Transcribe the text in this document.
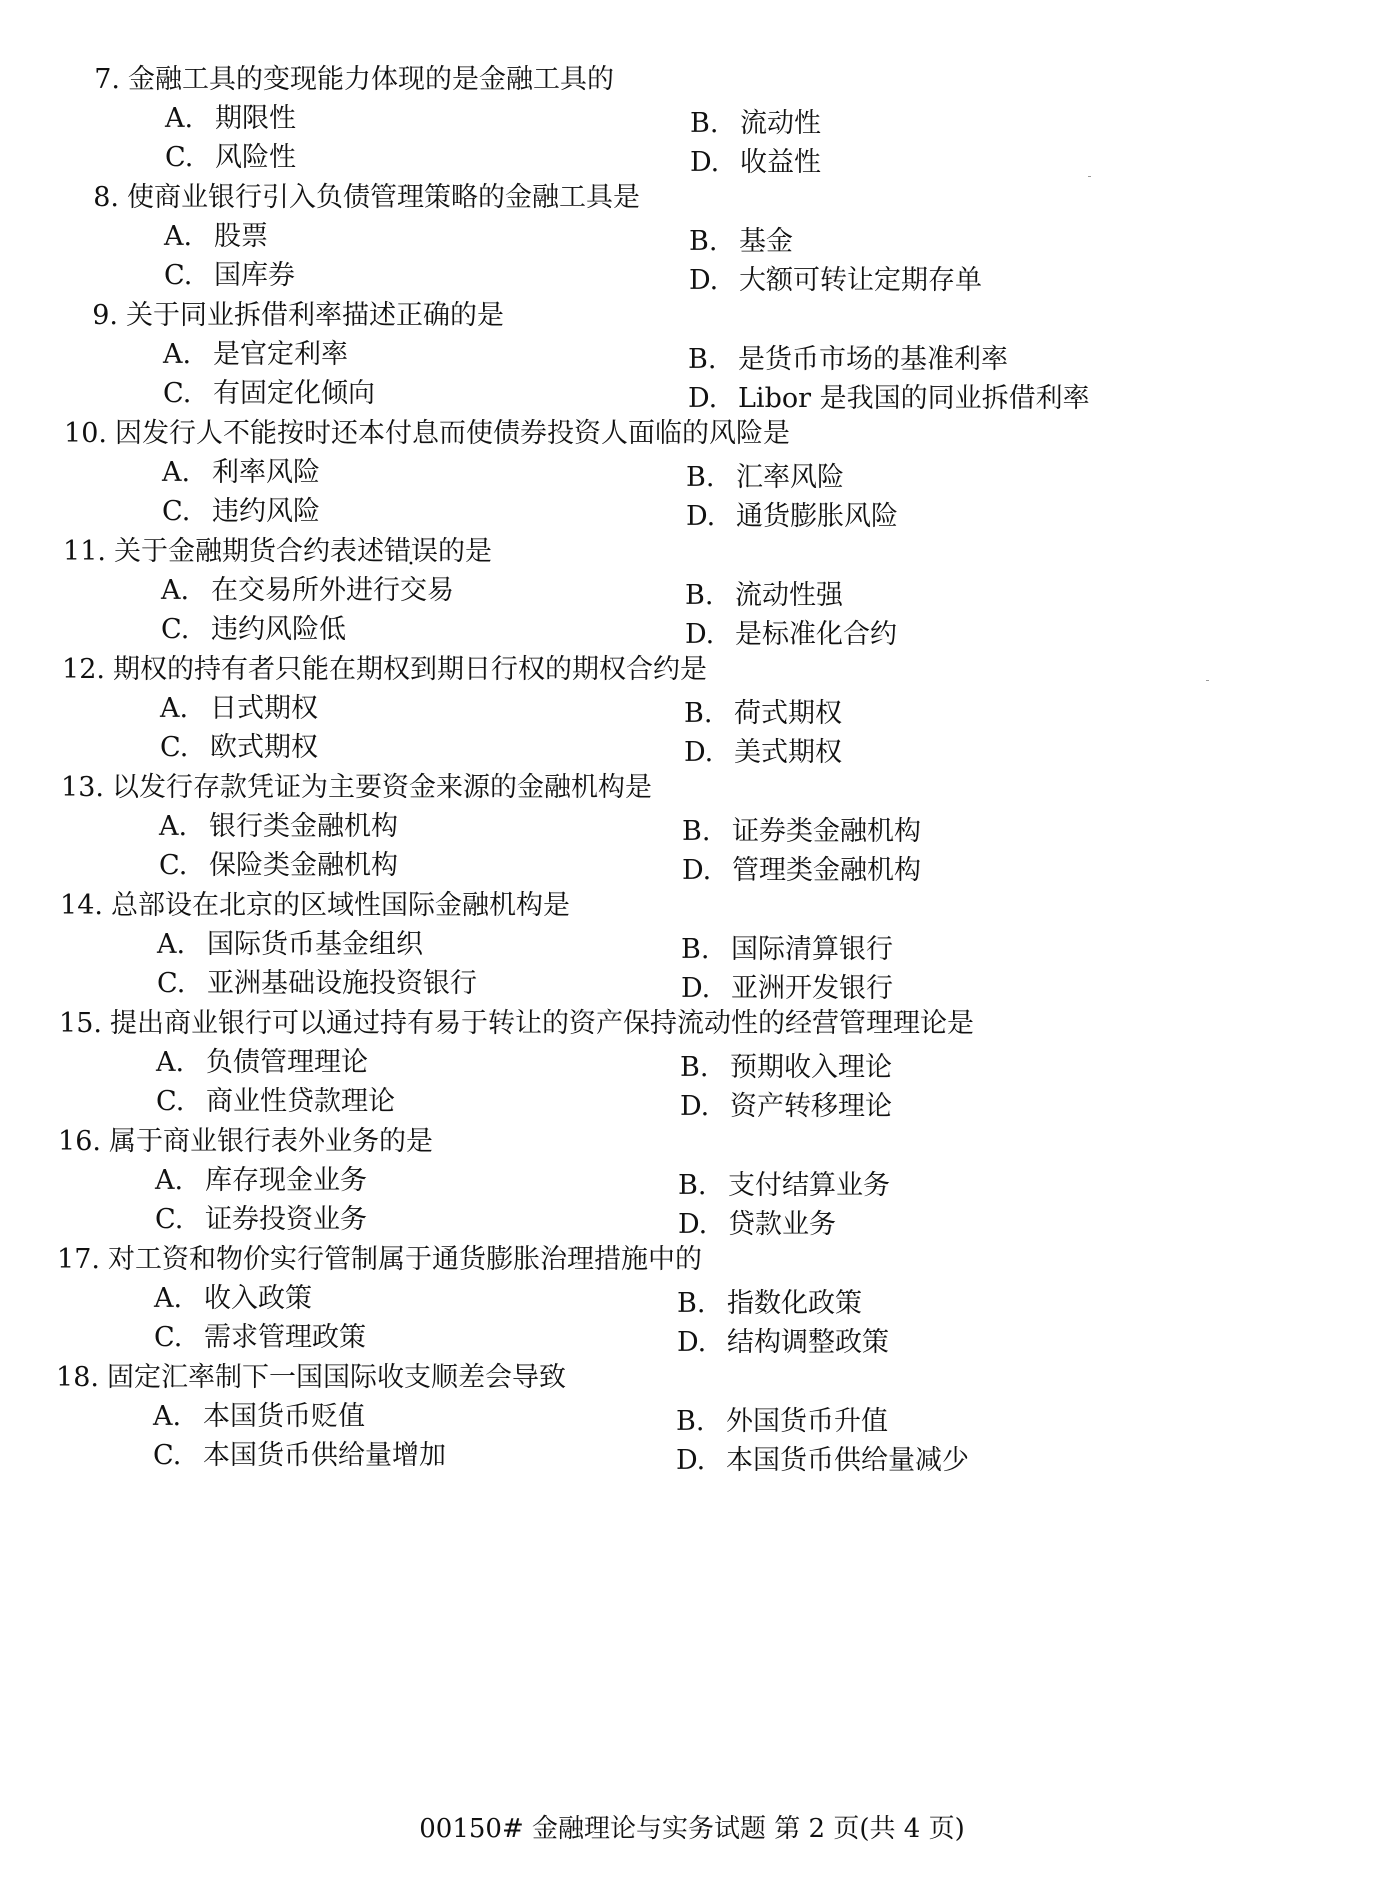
7. 金融工具的变现能力体现的是金融工具的
A. 期限性	B. 流动性
C. 风险性	D. 收益性
8. 使商业银行引入负债管理策略的金融工具是
A. 股票	B. 基金
C. 国库券	D. 大额可转让定期存单
9. 关于同业拆借利率描述正确的是
A. 是官定利率	B. 是货币市场的基准利率
C. 有固定化倾向	D. Libor 是我国的同业拆借利率
10. 因发行人不能按时还本付息而使债券投资人面临的风险是
A. 利率风险	B. 汇率风险
C. 违约风险	D. 通货膨胀风险
11. 关于金融期货合约表述错误的是
A. 在交易所外进行交易	B. 流动性强
C. 违约风险低	D. 是标准化合约
12. 期权的持有者只能在期权到期日行权的期权合约是
A. 日式期权	B. 荷式期权
C. 欧式期权	D. 美式期权
13. 以发行存款凭证为主要资金来源的金融机构是
A. 银行类金融机构	B. 证券类金融机构
C. 保险类金融机构	D. 管理类金融机构
14. 总部设在北京的区域性国际金融机构是
A. 国际货币基金组织	B. 国际清算银行
C. 亚洲基础设施投资银行	D. 亚洲开发银行
15. 提出商业银行可以通过持有易于转让的资产保持流动性的经营管理理论是
A. 负债管理理论	B. 预期收入理论
C. 商业性贷款理论	D. 资产转移理论
16. 属于商业银行表外业务的是
A. 库存现金业务	B. 支付结算业务
C. 证券投资业务	D. 贷款业务
17. 对工资和物价实行管制属于通货膨胀治理措施中的
A. 收入政策	B. 指数化政策
C. 需求管理政策	D. 结构调整政策
18. 固定汇率制下一国国际收支顺差会导致
A. 本国货币贬值	B. 外国货币升值
C. 本国货币供给量增加	D. 本国货币供给量减少
00150# 金融理论与实务试题 第 2 页(共 4 页)
